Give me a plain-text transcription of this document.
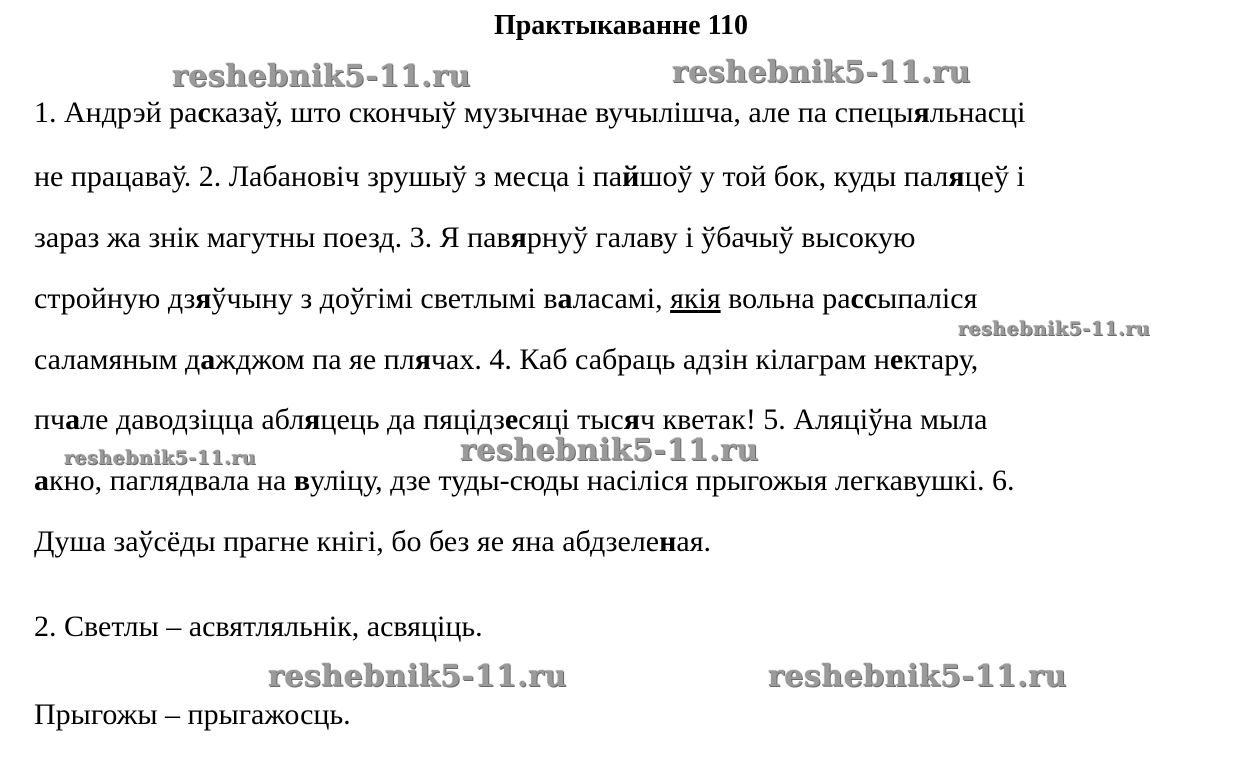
Практыкаванне 110
reshebnik5-11.ru	reshebnik5-11.ru
reshebnik5-11.ru
reshebnik5-11.ru
reshebnik5-11.ru
reshebnik5-11.ru	reshebnik5-11.ru
1. Андрэй расказаў, што скончыў музычнае вучылішча, але па спецыяльнасці
не працаваў. 2. Лабановіч зрушыў з месца і пайшоў у той бок, куды паляцеў і
зараз жа знік магутны поезд. 3. Я павярнуў галаву і ўбачыў высокую
стройную дзяўчыну з доўгімі светлымі валасамі, якія вольна рассыпаліся
саламяным дажджом па яе плячах. 4. Каб сабраць адзін кілаграм нектару,
пчале даводзіцца абляцець да пяцідзесяці тысяч кветак! 5. Аляціўна мыла
акно, паглядвала на вуліцу, дзе туды-сюды насіліся прыгожыя легкавушкі. 6.
Душа заўсёды прагне кнігі, бо без яе яна абдзеленая.
2. Светлы – асвятляльнік, асвяціць.
Прыгожы – прыгажосць.
